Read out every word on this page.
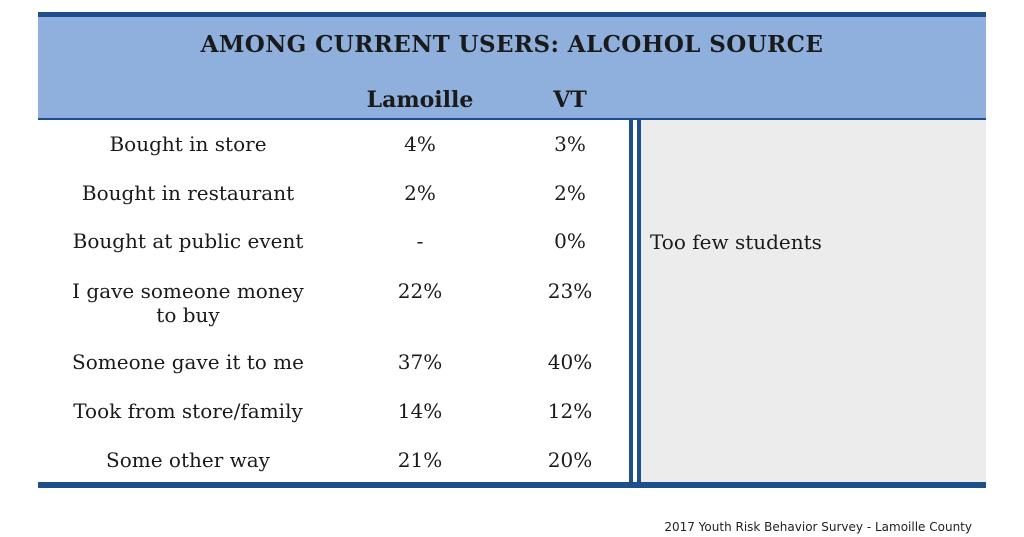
AMONG CURRENT USERS: ALCOHOL SOURCE
Lamoille	VT
Too few students
Bought in store	4%	3%
Bought in restaurant	2%	2%
Bought at public event	-	0%
I gave someone money
to buy
22%	23%
Someone gave it to me	37%	40%
Took from store/family	14%	12%
Some other way	21%	20%
2017 Youth Risk Behavior Survey - Lamoille County
